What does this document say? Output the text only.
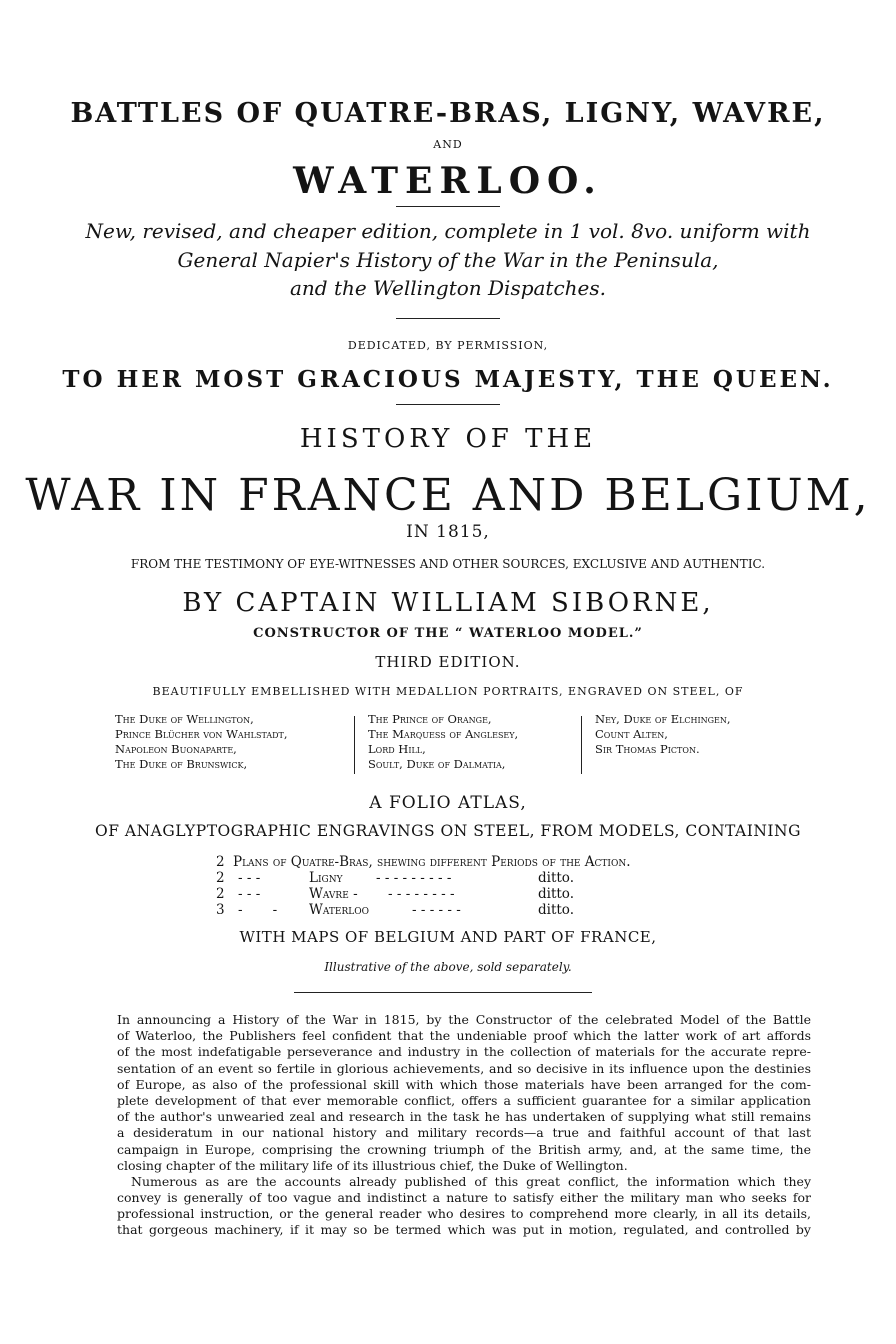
BATTLES OF QUATRE-BRAS, LIGNY, WAVRE,
AND
WATERLOO.
New, revised, and cheaper edition, complete in 1 vol. 8vo. uniform with
General Napier's History of the War in the Peninsula,
and the Wellington Dispatches.
DEDICATED, BY PERMISSION,
TO HER MOST GRACIOUS MAJESTY, THE QUEEN.
HISTORY OF THE
WAR IN FRANCE AND BELGIUM,
IN 1815,
FROM THE TESTIMONY OF EYE-WITNESSES AND OTHER SOURCES, EXCLUSIVE AND AUTHENTIC.
BY CAPTAIN WILLIAM SIBORNE,
CONSTRUCTOR OF THE “ WATERLOO MODEL.”
THIRD EDITION.
BEAUTIFULLY EMBELLISHED WITH MEDALLION PORTRAITS, ENGRAVED ON STEEL, OF
The Duke of Wellington,
Prince Blücher von Wahlstadt,
Napoleon Buonaparte,
The Duke of Brunswick,
The Prince of Orange,
The Marquess of Anglesey,
Lord Hill,
Soult, Duke of Dalmatia,
Ney, Duke of Elchingen,
Count Alten,
Sir Thomas Picton.
A FOLIO ATLAS,
OF ANAGLYPTOGRAPHIC ENGRAVINGS ON STEEL, FROM MODELS, CONTAINING
2 Plans of Quatre-Bras, shewing different Periods of the Action.
2 - - -	Ligny - - - - - - - - -	ditto.
2 - - -	Wavre - - - - - - - - -	ditto.
3 -       - Waterloo	- - - - - -	ditto.
WITH MAPS OF BELGIUM AND PART OF FRANCE,
Illustrative of the above, sold separately.
In announcing a History of the War in 1815, by the Constructor of the celebrated Model of the Battle
of Waterloo, the Publishers feel confident that the undeniable proof which the latter work of art affords
of the most indefatigable perseverance and industry in the collection of materials for the accurate repre-
sentation of an event so fertile in glorious achievements, and so decisive in its influence upon the destinies
of Europe, as also of the professional skill with which those materials have been arranged for the com-
plete development of that ever memorable conflict, offers a sufficient guarantee for a similar application
of the author's unwearied zeal and research in the task he has undertaken of supplying what still remains
a desideratum in our national history and military records—a true and faithful account of that last
campaign in Europe, comprising the crowning triumph of the British army, and, at the same time, the
closing chapter of the military life of its illustrious chief, the Duke of Wellington.
Numerous as are the accounts already published of this great conflict, the information which they
convey is generally of too vague and indistinct a nature to satisfy either the military man who seeks for
professional instruction, or the general reader who desires to comprehend more clearly, in all its details,
that gorgeous machinery, if it may so be termed which was put in motion, regulated, and controlled by
